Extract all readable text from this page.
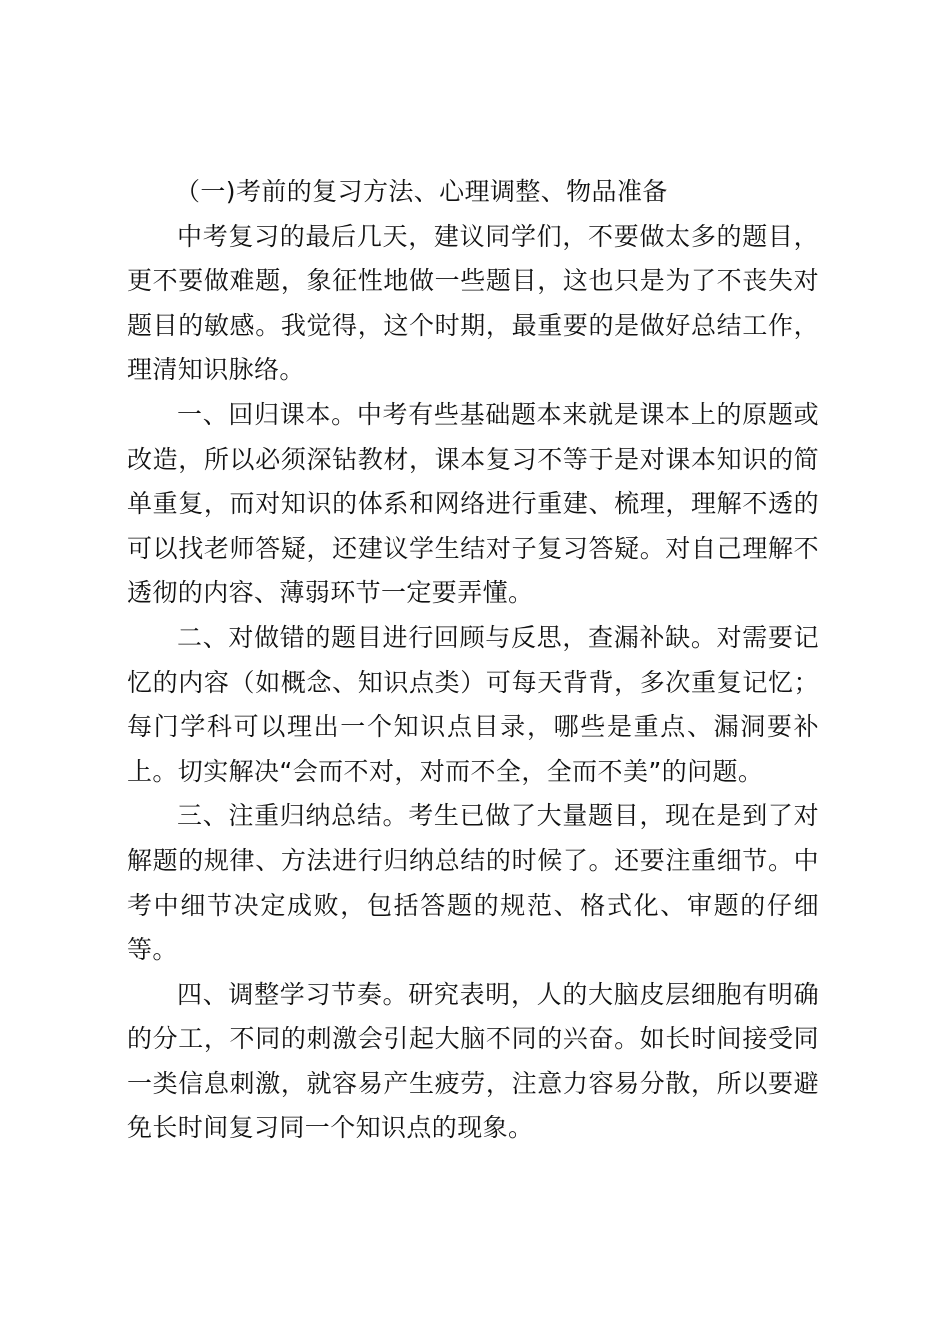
（一)考前的复习方法、心理调整、物品准备

中考复习的最后几天，建议同学们，不要做太多的题目，更不要做难题，象征性地做一些题目，这也只是为了不丧失对题目的敏感。我觉得，这个时期，最重要的是做好总结工作，理清知识脉络。

一、回归课本。中考有些基础题本来就是课本上的原题或改造，所以必须深钻教材，课本复习不等于是对课本知识的简单重复，而对知识的体系和网络进行重建、梳理，理解不透的可以找老师答疑，还建议学生结对子复习答疑。对自己理解不透彻的内容、薄弱环节一定要弄懂。

二、对做错的题目进行回顾与反思，查漏补缺。对需要记忆的内容（如概念、知识点类）可每天背背，多次重复记忆；每门学科可以理出一个知识点目录，哪些是重点、漏洞要补上。切实解决“会而不对，对而不全，全而不美”的问题。

三、注重归纳总结。考生已做了大量题目，现在是到了对解题的规律、方法进行归纳总结的时候了。还要注重细节。中考中细节决定成败，包括答题的规范、格式化、审题的仔细等。

四、调整学习节奏。研究表明，人的大脑皮层细胞有明确的分工，不同的刺激会引起大脑不同的兴奋。如长时间接受同一类信息刺激，就容易产生疲劳，注意力容易分散，所以要避免长时间复习同一个知识点的现象。
